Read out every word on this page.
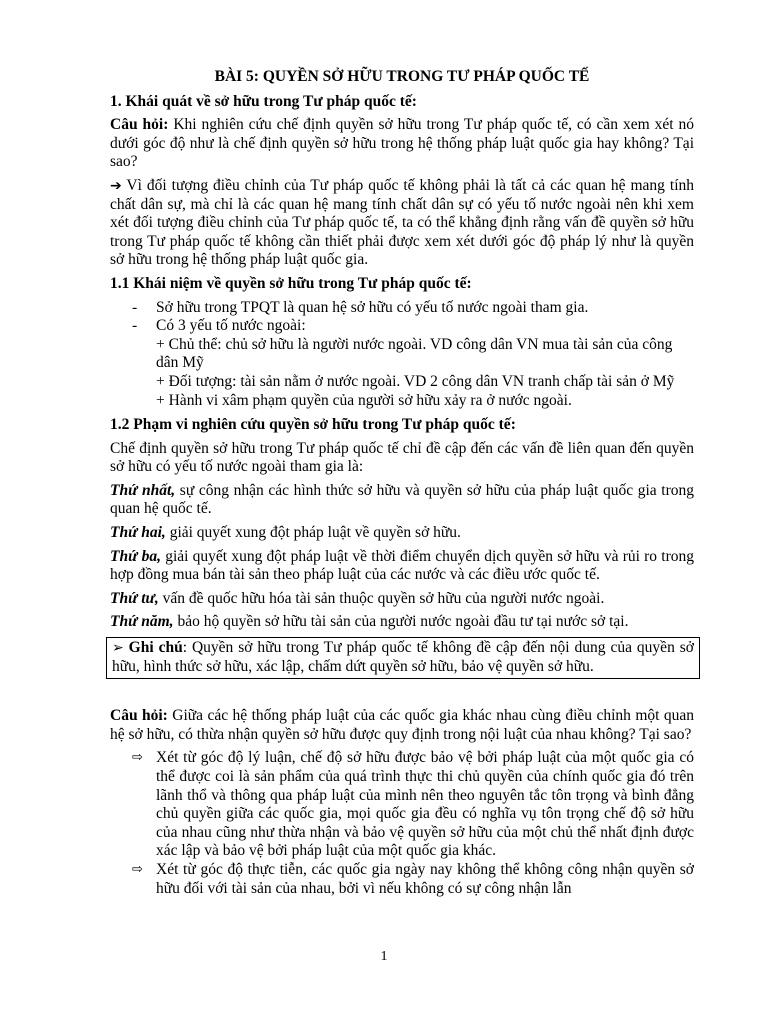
BÀI 5: QUYỀN SỞ HỮU TRONG TƯ PHÁP QUỐC TẾ
1. Khái quát về sở hữu trong Tư pháp quốc tế:

Câu hỏi: Khi nghiên cứu chế định quyền sở hữu trong Tư pháp quốc tế, có cần xem xét nó dưới góc độ như là chế định quyền sở hữu trong hệ thống pháp luật quốc gia hay không? Tại sao?

➔ Vì đối tượng điều chỉnh của Tư pháp quốc tế không phải là tất cả các quan hệ mang tính chất dân sự, mà chỉ là các quan hệ mang tính chất dân sự có yếu tố nước ngoài nên khi xem xét đối tượng điều chỉnh của Tư pháp quốc tế, ta có thể khẳng định rằng vấn đề quyền sở hữu trong Tư pháp quốc tế không cần thiết phải được xem xét dưới góc độ pháp lý như là quyền sở hữu trong hệ thống pháp luật quốc gia.

1.1 Khái niệm về quyền sở hữu trong Tư pháp quốc tế:
- Sở hữu trong TPQT là quan hệ sở hữu có yếu tố nước ngoài tham gia.
- Có 3 yếu tố nước ngoài:
+ Chủ thể: chủ sở hữu là người nước ngoài. VD công dân VN mua tài sản của công dân Mỹ
+ Đối tượng: tài sản nằm ở nước ngoài. VD 2 công dân VN tranh chấp tài sản ở Mỹ
+ Hành vi xâm phạm quyền của người sở hữu xảy ra ở nước ngoài.
1.2 Phạm vi nghiên cứu quyền sở hữu trong Tư pháp quốc tế:

Chế định quyền sở hữu trong Tư pháp quốc tế chỉ đề cập đến các vấn đề liên quan đến quyền sở hữu có yếu tố nước ngoài tham gia là:

Thứ nhất, sự công nhận các hình thức sở hữu và quyền sở hữu của pháp luật quốc gia trong quan hệ quốc tế.

Thứ hai, giải quyết xung đột pháp luật về quyền sở hữu.

Thứ ba, giải quyết xung đột pháp luật về thời điểm chuyển dịch quyền sở hữu và rủi ro trong hợp đồng mua bán tài sản theo pháp luật của các nước và các điều ước quốc tế.

Thứ tư, vấn đề quốc hữu hóa tài sản thuộc quyền sở hữu của người nước ngoài.

Thứ năm, bảo hộ quyền sở hữu tài sản của người nước ngoài đầu tư tại nước sở tại.

➢ Ghi chú: Quyền sở hữu trong Tư pháp quốc tế không đề cập đến nội dung của quyền sở hữu, hình thức sở hữu, xác lập, chấm dứt quyền sở hữu, bảo vệ quyền sở hữu.

Câu hỏi: Giữa các hệ thống pháp luật của các quốc gia khác nhau cùng điều chỉnh một quan hệ sở hữu, có thừa nhận quyền sở hữu được quy định trong nội luật của nhau không? Tại sao?

⇨ Xét từ góc độ lý luận, chế độ sở hữu được bảo vệ bởi pháp luật của một quốc gia có thể được coi là sản phẩm của quá trình thực thi chủ quyền của chính quốc gia đó trên lãnh thổ và thông qua pháp luật của mình nên theo nguyên tắc tôn trọng và bình đẳng chủ quyền giữa các quốc gia, mọi quốc gia đều có nghĩa vụ tôn trọng chế độ sở hữu của nhau cũng như thừa nhận và bảo vệ quyền sở hữu của một chủ thể nhất định được xác lập và bảo vệ bởi pháp luật của một quốc gia khác.
⇨ Xét từ góc độ thực tiễn, các quốc gia ngày nay không thể không công nhận quyền sở hữu đối với tài sản của nhau, bởi vì nếu không có sự công nhận lẫn
1
